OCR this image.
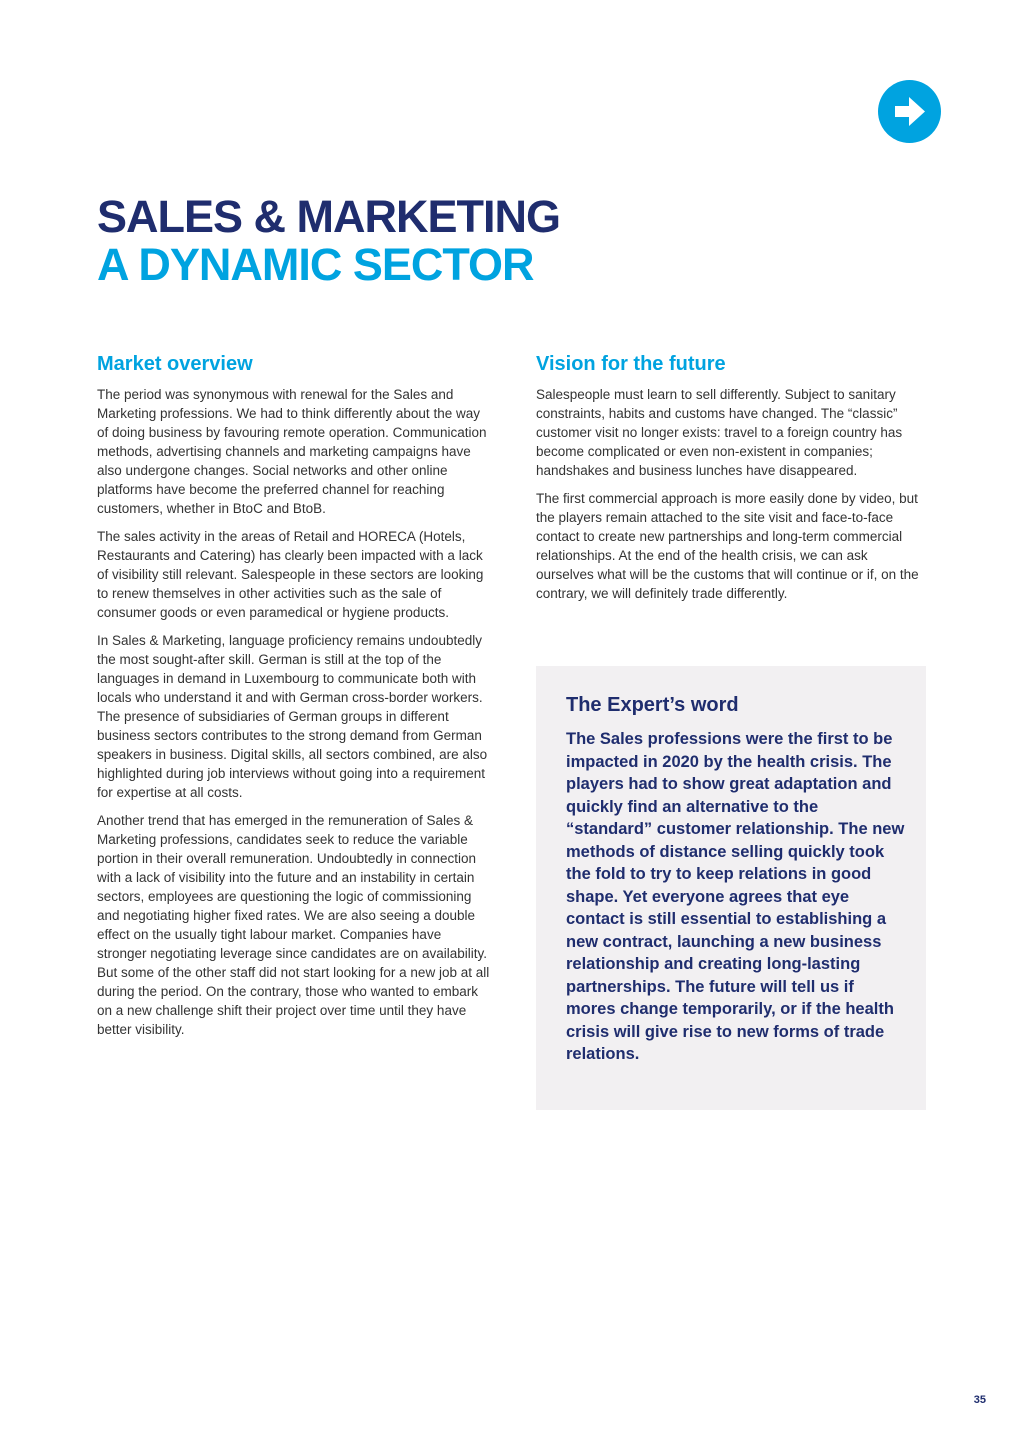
SALES & MARKETING
A DYNAMIC SECTOR
Market overview

The period was synonymous with renewal for the Sales and Marketing professions. We had to think differently about the way of doing business by favouring remote operation. Communication methods, advertising channels and marketing campaigns have also undergone changes. Social networks and other online platforms have become the preferred channel for reaching customers, whether in BtoC and BtoB.

The sales activity in the areas of Retail and HORECA (Hotels, Restaurants and Catering) has clearly been impacted with a lack of visibility still relevant. Salespeople in these sectors are looking to renew themselves in other activities such as the sale of consumer goods or even paramedical or hygiene products.

In Sales & Marketing, language proficiency remains undoubtedly the most sought-after skill. German is still at the top of the languages in demand in Luxembourg to communicate both with locals who understand it and with German cross-border workers. The presence of subsidiaries of German groups in different business sectors contributes to the strong demand from German speakers in business. Digital skills, all sectors combined, are also highlighted during job interviews without going into a requirement for expertise at all costs.

Another trend that has emerged in the remuneration of Sales & Marketing professions, candidates seek to reduce the variable portion in their overall remuneration. Undoubtedly in connection with a lack of visibility into the future and an instability in certain sectors, employees are questioning the logic of commissioning and negotiating higher fixed rates. We are also seeing a double effect on the usually tight labour market. Companies have stronger negotiating leverage since candidates are on availability. But some of the other staff did not start looking for a new job at all during the period. On the contrary, those who wanted to embark on a new challenge shift their project over time until they have better visibility.

Vision for the future

Salespeople must learn to sell differently. Subject to sanitary constraints, habits and customs have changed. The “classic” customer visit no longer exists: travel to a foreign country has become complicated or even non-existent in companies; handshakes and business lunches have disappeared.

The first commercial approach is more easily done by video, but the players remain attached to the site visit and face-to-face contact to create new partnerships and long-term commercial relationships. At the end of the health crisis, we can ask ourselves what will be the customs that will continue or if, on the contrary, we will definitely trade differently.

The Expert’s word

The Sales professions were the first to be impacted in 2020 by the health crisis. The players had to show great adaptation and quickly find an alternative to the “standard” customer relationship. The new methods of distance selling quickly took the fold to try to keep relations in good shape. Yet everyone agrees that eye contact is still essential to establishing a new contract, launching a new business relationship and creating long-lasting partnerships. The future will tell us if mores change temporarily, or if the health crisis will give rise to new forms of trade relations.

35
